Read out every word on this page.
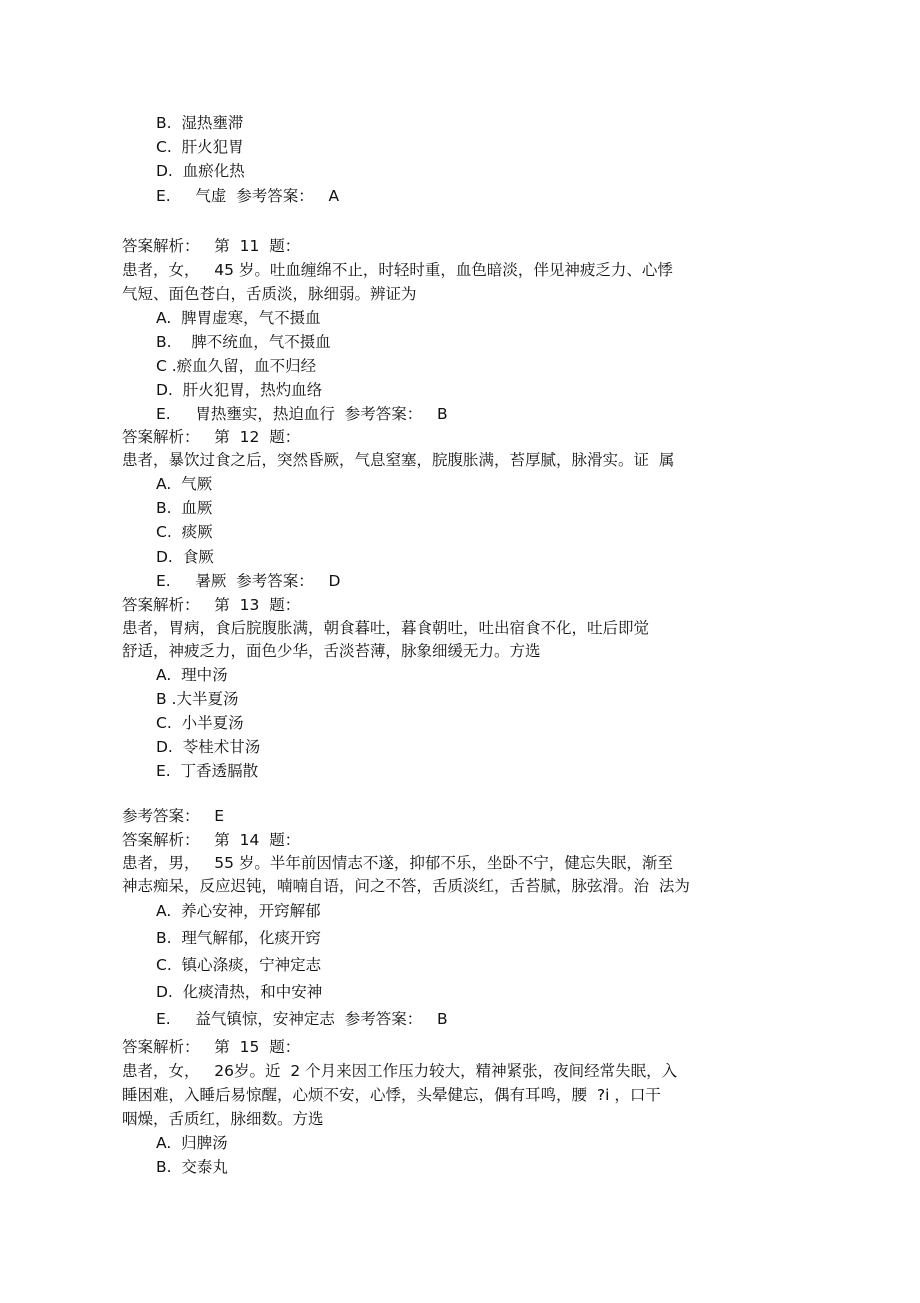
B.  湿热壅滞
C.  肝火犯胃
D.  血瘀化热
E.     气虚  参考答案：   A
答案解析：   第  11  题：
患者，女，   45 岁。吐血缠绵不止，时轻时重，血色暗淡，伴见神疲乏力、心悸
气短、面色苍白，舌质淡，脉细弱。辨证为
A.  脾胃虚寒，气不摄血
B.    脾不统血，气不摄血
C .瘀血久留，血不归经
D.  肝火犯胃，热灼血络
E.     胃热壅实，热迫血行  参考答案：   B
答案解析：   第  12  题：
患者，暴饮过食之后，突然昏厥，气息窒塞，脘腹胀满，苔厚腻，脉滑实。证  属
A.  气厥
B.  血厥
C.  痰厥
D.  食厥
E.     暑厥  参考答案：   D
答案解析：   第  13  题：
患者，胃病，食后脘腹胀满，朝食暮吐，暮食朝吐，吐出宿食不化，吐后即觉
舒适，神疲乏力，面色少华，舌淡苔薄，脉象细缓无力。方选
A.  理中汤
B .大半夏汤
C.  小半夏汤
D.  苓桂术甘汤
E.  丁香透膈散
参考答案：   E
答案解析：   第  14  题：
患者，男，   55 岁。半年前因情志不遂，抑郁不乐，坐卧不宁，健忘失眠，渐至
神志痴呆，反应迟钝，喃喃自语，问之不答，舌质淡红，舌苔腻，脉弦滑。治  法为
A.  养心安神，开窍解郁
B.  理气解郁，化痰开窍
C.  镇心涤痰，宁神定志
D.  化痰清热，和中安神
E.     益气镇惊，安神定志  参考答案：   B
答案解析：   第  15  题：
患者，女，   26岁。近  2 个月来因工作压力较大，精神紧张，夜间经常失眠，入
睡困难，入睡后易惊醒，心烦不安，心悸，头晕健忘，偶有耳鸣，腰  ?i ，口干
咽燥，舌质红，脉细数。方选
A.  归脾汤
B.  交泰丸
